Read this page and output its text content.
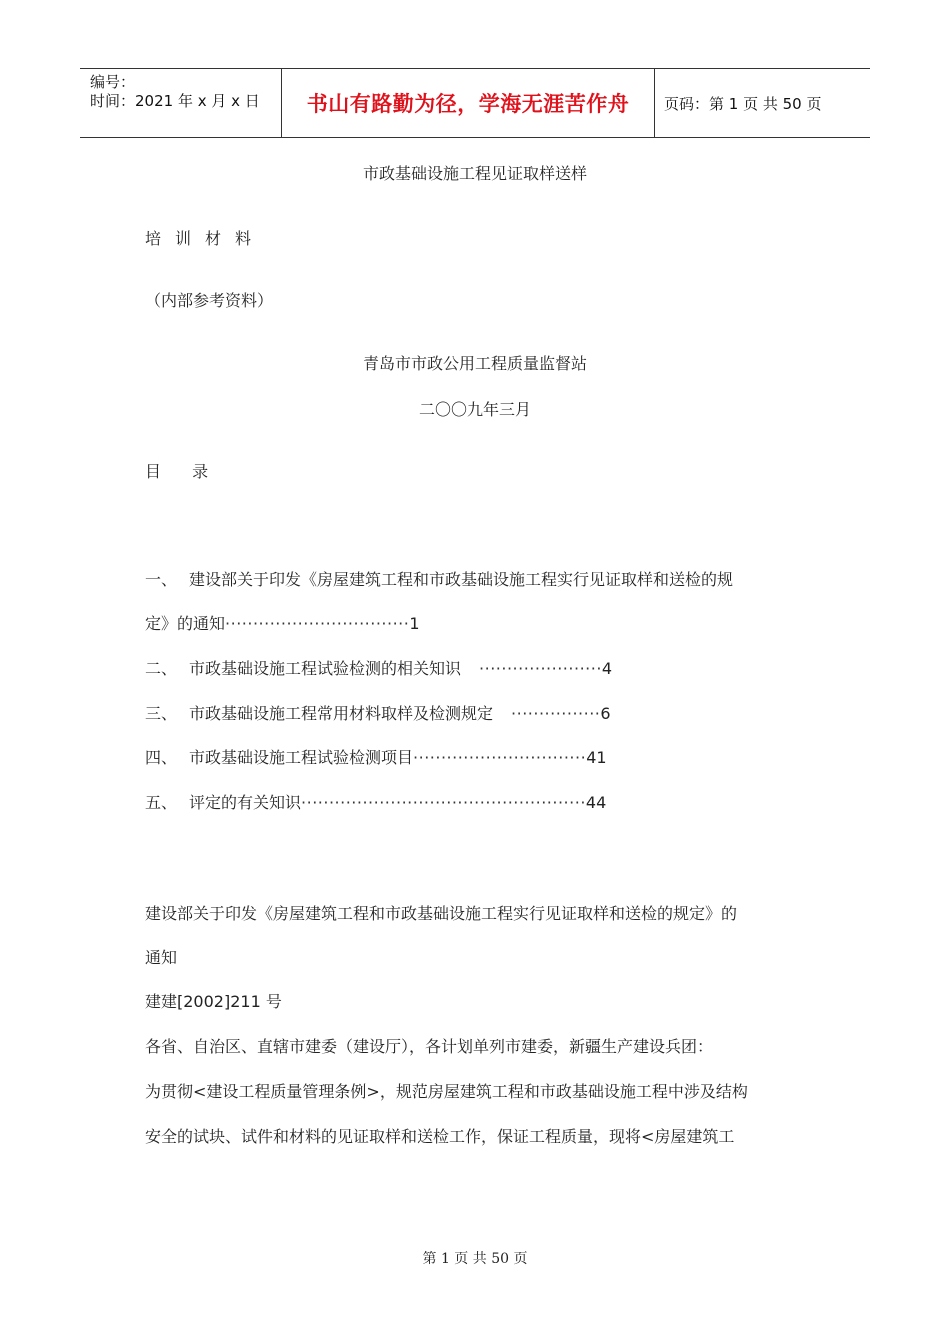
编号：
时间：2021 年 x 月 x 日	书山有路勤为径，学海无涯苦作舟	页码：第 1 页 共 50 页
市政基础设施工程见证取样送样
培训材料
（内部参考资料）
青岛市市政公用工程质量监督站
二〇〇九年三月
目 录
一、 建设部关于印发《房屋建筑工程和市政基础设施工程实行见证取样和送检的规
定》的通知·································1
二、 市政基础设施工程试验检测的相关知识 ······················4
三、 市政基础设施工程常用材料取样及检测规定 ················6
四、 市政基础设施工程试验检测项目·······························41
五、 评定的有关知识···················································44
建设部关于印发《房屋建筑工程和市政基础设施工程实行见证取样和送检的规定》的
通知
建建[2002]211 号
各省、自治区、直辖市建委（建设厅），各计划单列市建委，新疆生产建设兵团：
为贯彻<建设工程质量管理条例>，规范房屋建筑工程和市政基础设施工程中涉及结构
安全的试块、试件和材料的见证取样和送检工作，保证工程质量，现将<房屋建筑工
第 1 页 共 50 页
